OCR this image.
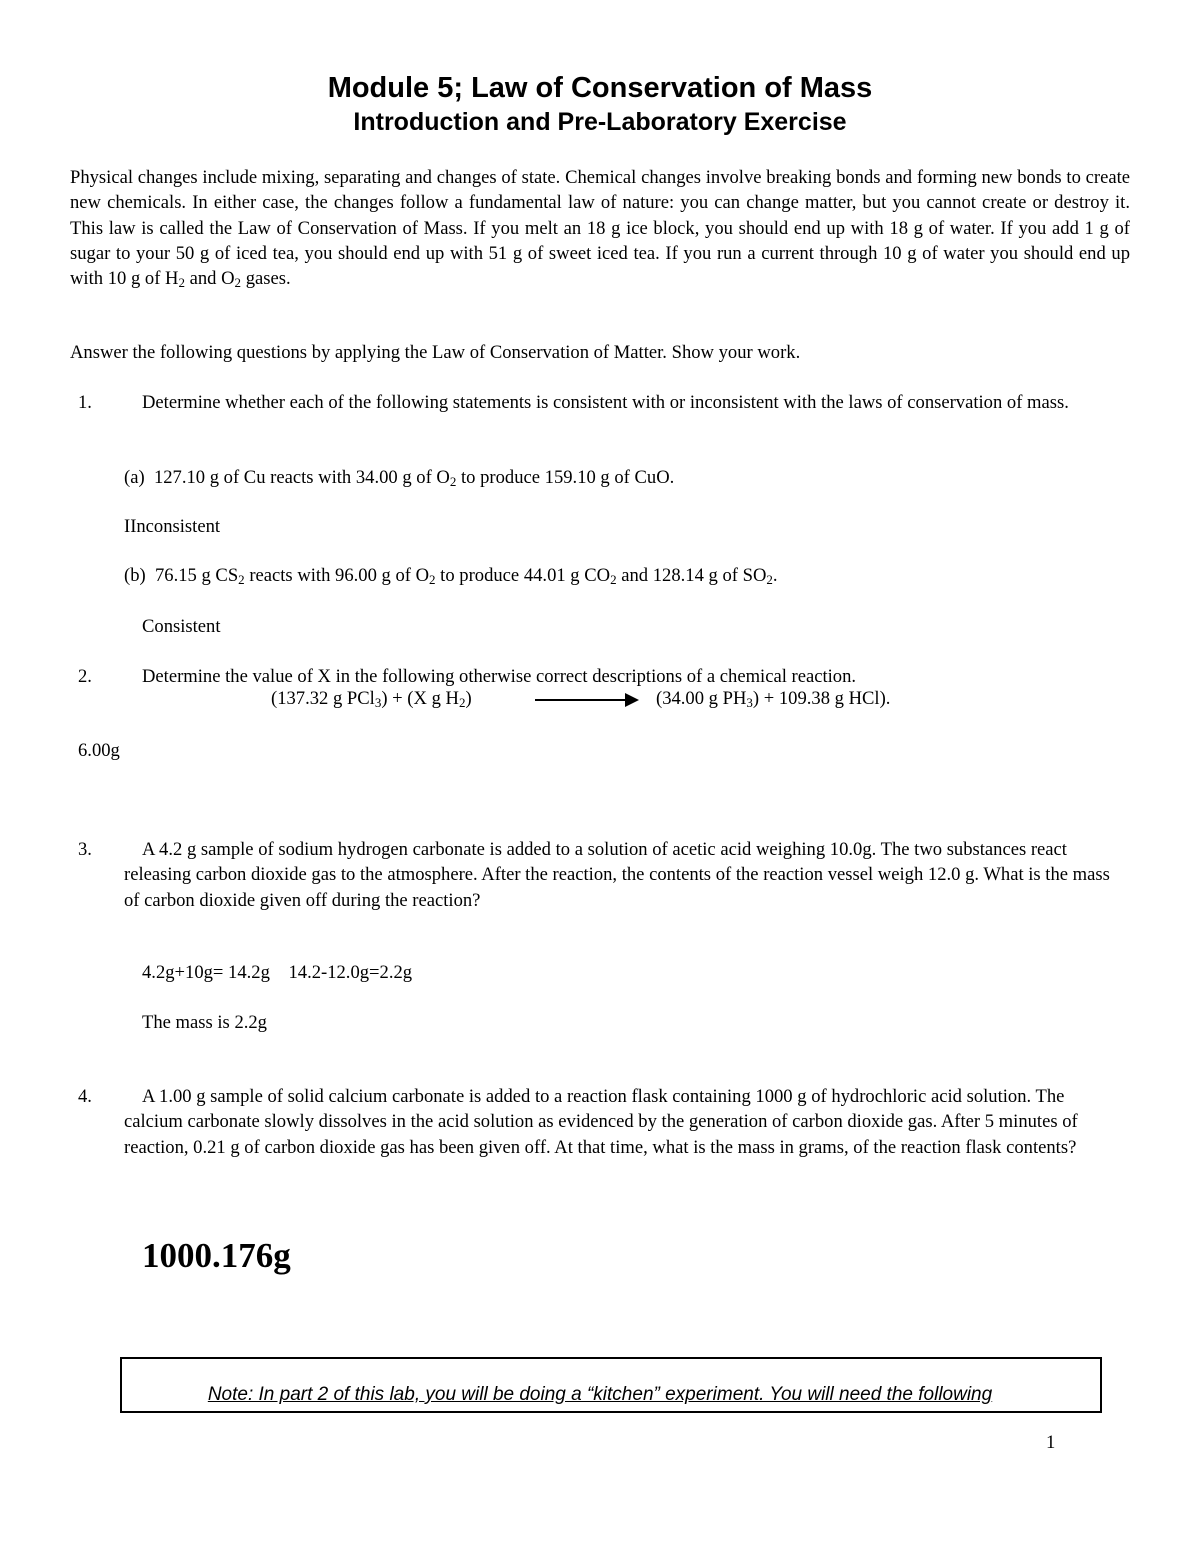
Module 5; Law of Conservation of Mass
Introduction and Pre-Laboratory Exercise
Physical changes include mixing, separating and changes of state. Chemical changes involve breaking bonds and forming new bonds to create new chemicals. In either case, the changes follow a fundamental law of nature: you can change matter, but you cannot create or destroy it. This law is called the Law of Conservation of Mass. If you melt an 18 g ice block, you should end up with 18 g of water. If you add 1 g of sugar to your 50 g of iced tea, you should end up with 51 g of sweet iced tea. If you run a current through 10 g of water you should end up with 10 g of $H_2$ and $O_2$ gases.
Answer the following questions by applying the Law of Conservation of Matter. Show your work.
1.	Determine whether each of the following statements is consistent with or inconsistent with the laws of conservation of mass.
(a) 127.10 g of Cu reacts with 34.00 g of $O_2$ to produce 159.10 g of CuO.
IInconsistent
(b) 76.15 g $CS_2$ reacts with 96.00 g of $O_2$ to produce 44.01 g $CO_2$ and 128.14 g of $SO_2$.
Consistent
2.	Determine the value of X in the following otherwise correct descriptions of a chemical reaction.
(137.32 g PCl$_3$) + (X g $H_2$)	(34.00 g $PH_3) + 109.38$ g HCl).
6.00g
3.	A 4.2 g sample of sodium hydrogen carbonate is added to a solution of acetic acid weighing 10.0g. The two substances react releasing carbon dioxide gas to the atmosphere. After the reaction, the contents of the reaction vessel weigh 12.0 g. What is the mass of carbon dioxide given off during the reaction?
4.2g+10g= 14.2g    14.2-12.0g=2.2g
The mass is 2.2g
4.	A 1.00 g sample of solid calcium carbonate is added to a reaction flask containing 1000 g of hydrochloric acid solution. The calcium carbonate slowly dissolves in the acid solution as evidenced by the generation of carbon dioxide gas. After 5 minutes of reaction, 0.21 g of carbon dioxide gas has been given off. At that time, what is the mass in grams, of the reaction flask contents?
1000.176g
Note: In part 2 of this lab, you will be doing a “kitchen” experiment. You will need the following
1
